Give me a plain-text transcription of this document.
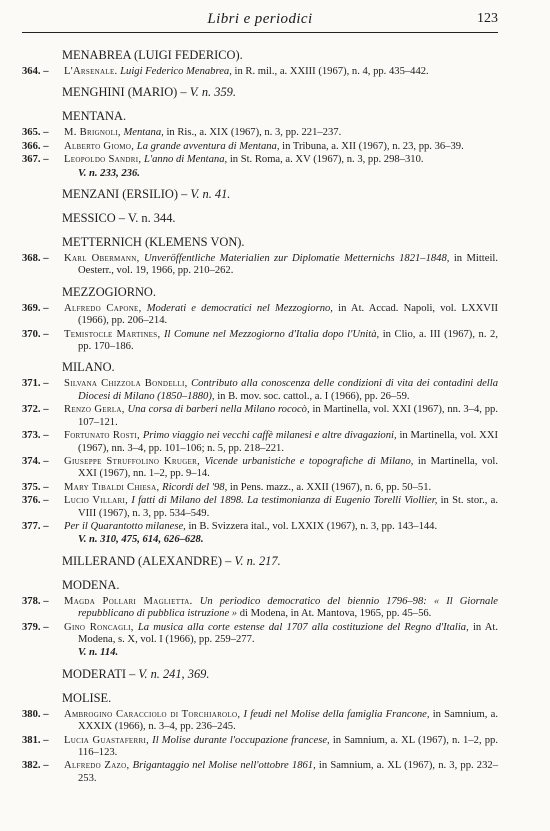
Libri e periodici	123
MENABREA (LUIGI FEDERICO).
364. –	L'Arsenale. Luigi Federico Menabrea, in R. mil., a. XXIII (1967), n. 4, pp. 435–442.
MENGHINI (MARIO) – V. n. 359.
MENTANA.
365. –	M. Brignoli, Mentana, in Ris., a. XIX (1967), n. 3, pp. 221–237.
366. –	Alberto Giomo, La grande avventura di Mentana, in Tribuna, a. XII (1967), n. 23, pp. 36–39.
367. –	Leopoldo Sandri, L'anno di Mentana, in St. Roma, a. XV (1967), n. 3, pp. 298–310.
V. n. 233, 236.
MENZANI (ERSILIO) – V. n. 41.
MESSICO – V. n. 344.
METTERNICH (KLEMENS VON).
368. –	Karl Obermann, Unveröffentliche Materialien zur Diplomatie Metternichs 1821–1848, in Mitteil. Oesterr., vol. 19, 1966, pp. 210–262.
MEZZOGIORNO.
369. –	Alfredo Capone, Moderati e democratici nel Mezzogiorno, in At. Accad. Napoli, vol. LXXVII (1966), pp. 206–214.
370. –	Temistocle Martines, Il Comune nel Mezzogiorno d'Italia dopo l'Unità, in Clio, a. III (1967), n. 2, pp. 170–186.
MILANO.
371. –	Silvana Chizzola Bondelli, Contributo alla conoscenza delle condizioni di vita dei contadini della Diocesi di Milano (1850–1880), in B. mov. soc. cattol., a. I (1966), pp. 26–59.
372. –	Renzo Gerla, Una corsa di barberi nella Milano rococò, in Martinella, vol. XXI (1967), nn. 3–4, pp. 107–121.
373. –	Fortunato Rosti, Primo viaggio nei vecchi caffè milanesi e altre divagazioni, in Martinella, vol. XXI (1967), nn. 3–4, pp. 101–106; n. 5, pp. 218–221.
374. –	Giuseppe Struffolino Kruger, Vicende urbanistiche e topografiche di Milano, in Martinella, vol. XXI (1967), nn. 1–2, pp. 9–14.
375. –	Mary Tibaldi Chiesa, Ricordi del '98, in Pens. mazz., a. XXII (1967), n. 6, pp. 50–51.
376. –	Lucio Villari, I fatti di Milano del 1898. La testimonianza di Eugenio Torelli Viollier, in St. stor., a. VIII (1967), n. 3, pp. 534–549.
377. –	Per il Quarantotto milanese, in B. Svizzera ital., vol. LXXIX (1967), n. 3, pp. 143–144.
V. n. 310, 475, 614, 626–628.
MILLERAND (ALEXANDRE) – V. n. 217.
MODENA.
378. –	Magda Pollari Maglietta. Un periodico democratico del biennio 1796–98: « Il Giornale repubblicano di pubblica istruzione » di Modena, in At. Mantova, 1965, pp. 45–56.
379. –	Gino Roncagli, La musica alla corte estense dal 1707 alla costituzione del Regno d'Italia, in At. Modena, s. X, vol. I (1966), pp. 259–277.
V. n. 114.
MODERATI – V. n. 241, 369.
MOLISE.
380. –	Ambrogino Caracciolo di Torchiarolo, I feudi nel Molise della famiglia Francone, in Samnium, a. XXXIX (1966), n. 3–4, pp. 236–245.
381. –	Lucia Guastaferri, Il Molise durante l'occupazione francese, in Samnium, a. XL (1967), n. 1–2, pp. 116–123.
382. –	Alfredo Zazo, Brigantaggio nel Molise nell'ottobre 1861, in Samnium, a. XL (1967), n. 3, pp. 232–253.
